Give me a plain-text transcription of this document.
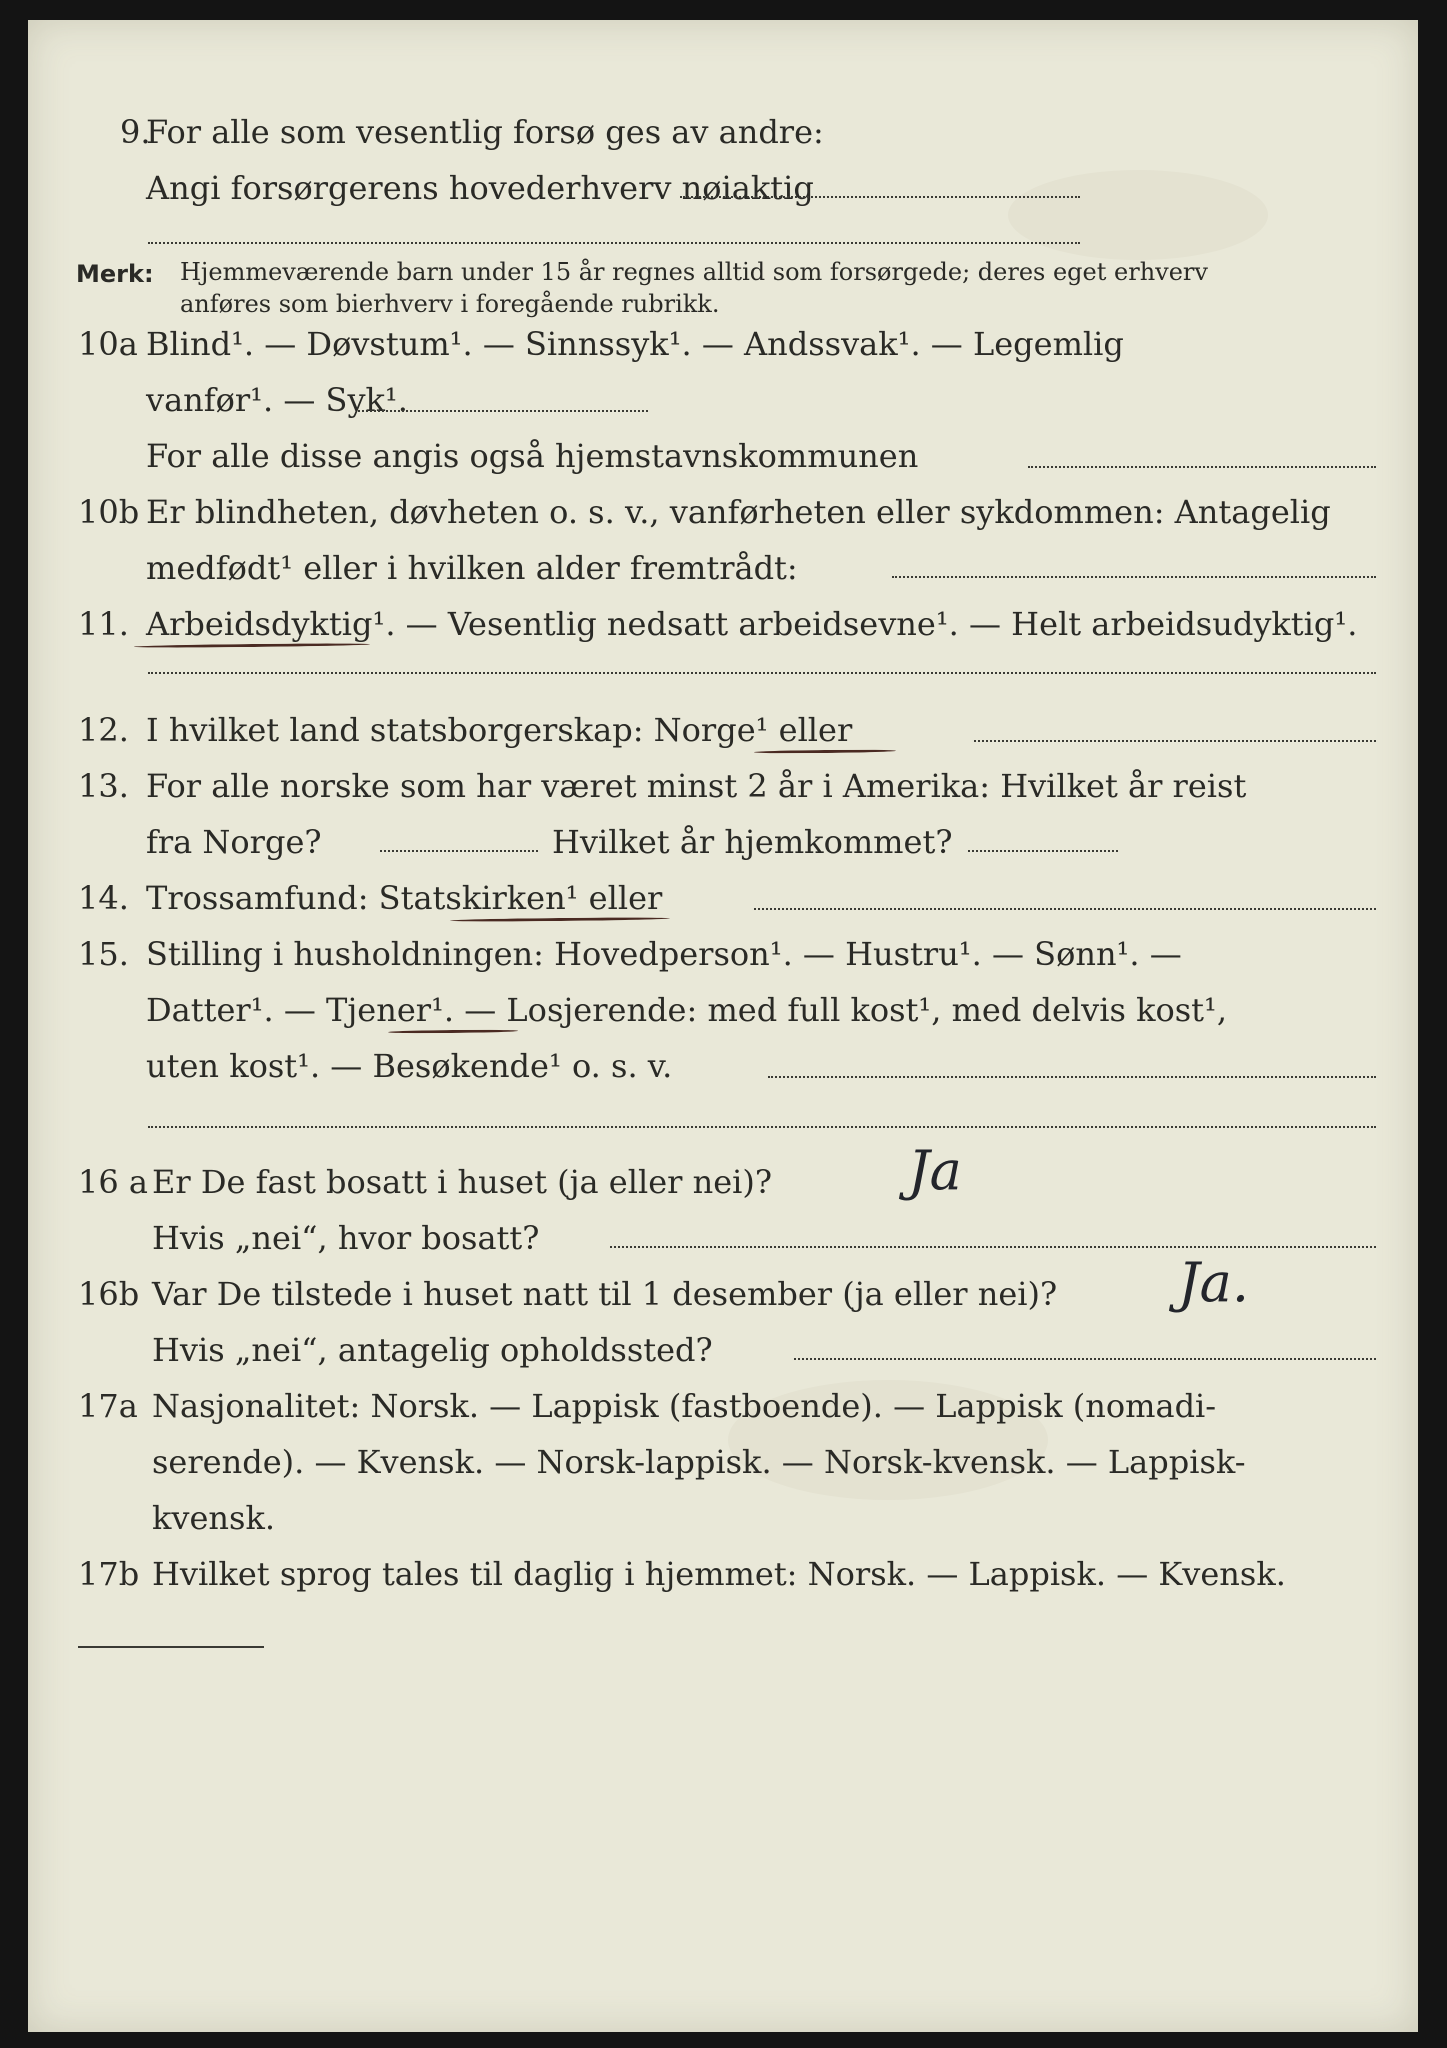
9.
For alle som vesentlig forsø ges av andre:
Angi forsørgerens hovederhverv nøiaktig
Merk: Hjemmeværende barn under 15 år regnes alltid som forsørgede; deres eget erhverv
anføres som bierhverv i foregående rubrikk.
10a Blind¹. — Døvstum¹. — Sinnssyk¹. — Andssvak¹. — Legemlig
vanfør¹. — Syk¹.
For alle disse angis også hjemstavnskommunen
10b Er blindheten, døvheten o. s. v., vanførheten eller sykdommen: Antagelig
medfødt¹ eller i hvilken alder fremtrådt:
11. Arbeidsdyktig¹. — Vesentlig nedsatt arbeidsevne¹. — Helt arbeidsudyktig¹.
12. I hvilket land statsborgerskap: Norge¹ eller
13. For alle norske som har været minst 2 år i Amerika: Hvilket år reist
fra Norge?	Hvilket år hjemkommet?
14. Trossamfund: Statskirken¹ eller
15. Stilling i husholdningen: Hovedperson¹. — Hustru¹. — Sønn¹. —
Datter¹. — Tjener¹. — Losjerende: med full kost¹, med delvis kost¹,
uten kost¹. — Besøkende¹ o. s. v.
16 a Er De fast bosatt i huset (ja eller nei)?	Ja
Hvis „nei“, hvor bosatt?
16b Var De tilstede i huset natt til 1 desember (ja eller nei)? Ja.
Hvis „nei“, antagelig opholdssted?
17a Nasjonalitet: Norsk. — Lappisk (fastboende). — Lappisk (nomadi-
serende). — Kvensk. — Norsk-lappisk. — Norsk-kvensk. — Lappisk-
kvensk.
17b Hvilket sprog tales til daglig i hjemmet: Norsk. — Lappisk. — Kvensk.
